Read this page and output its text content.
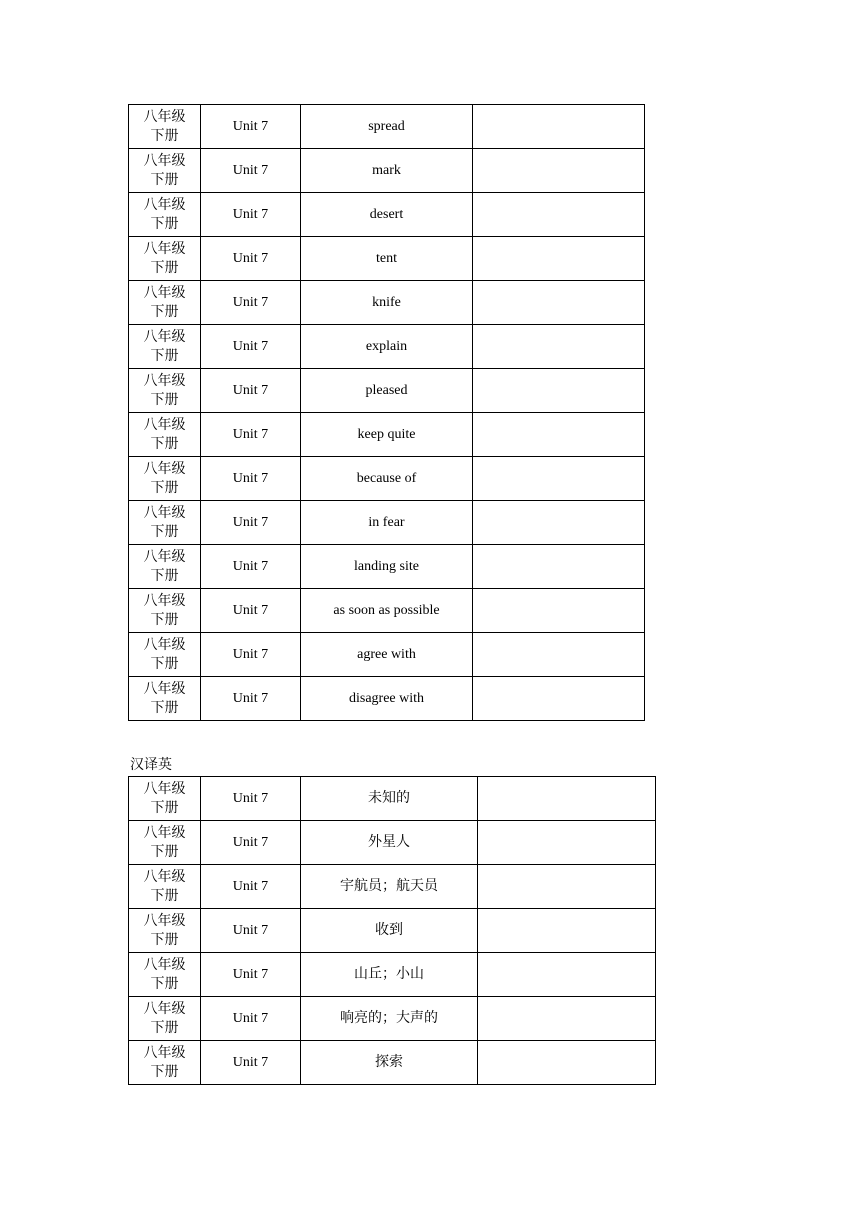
八年级
下册	Unit 7	spread	

八年级
下册	Unit 7	mark	

八年级
下册	Unit 7	desert	

八年级
下册	Unit 7	tent	

八年级
下册	Unit 7	knife	

八年级
下册	Unit 7	explain	

八年级
下册	Unit 7	pleased	

八年级
下册	Unit 7	keep quite	

八年级
下册	Unit 7	because of	

八年级
下册	Unit 7	in fear	

八年级
下册	Unit 7	landing site	

八年级
下册	Unit 7	as soon as possible	

八年级
下册	Unit 7	agree with	

八年级
下册	Unit 7	disagree with	
汉译英
八年级
下册	Unit 7	未知的	

八年级
下册	Unit 7	外星人	

八年级
下册	Unit 7	宇航员；航天员	

八年级
下册	Unit 7	收到	

八年级
下册	Unit 7	山丘；小山	

八年级
下册	Unit 7	响亮的；大声的	

八年级
下册	Unit 7	探索	
